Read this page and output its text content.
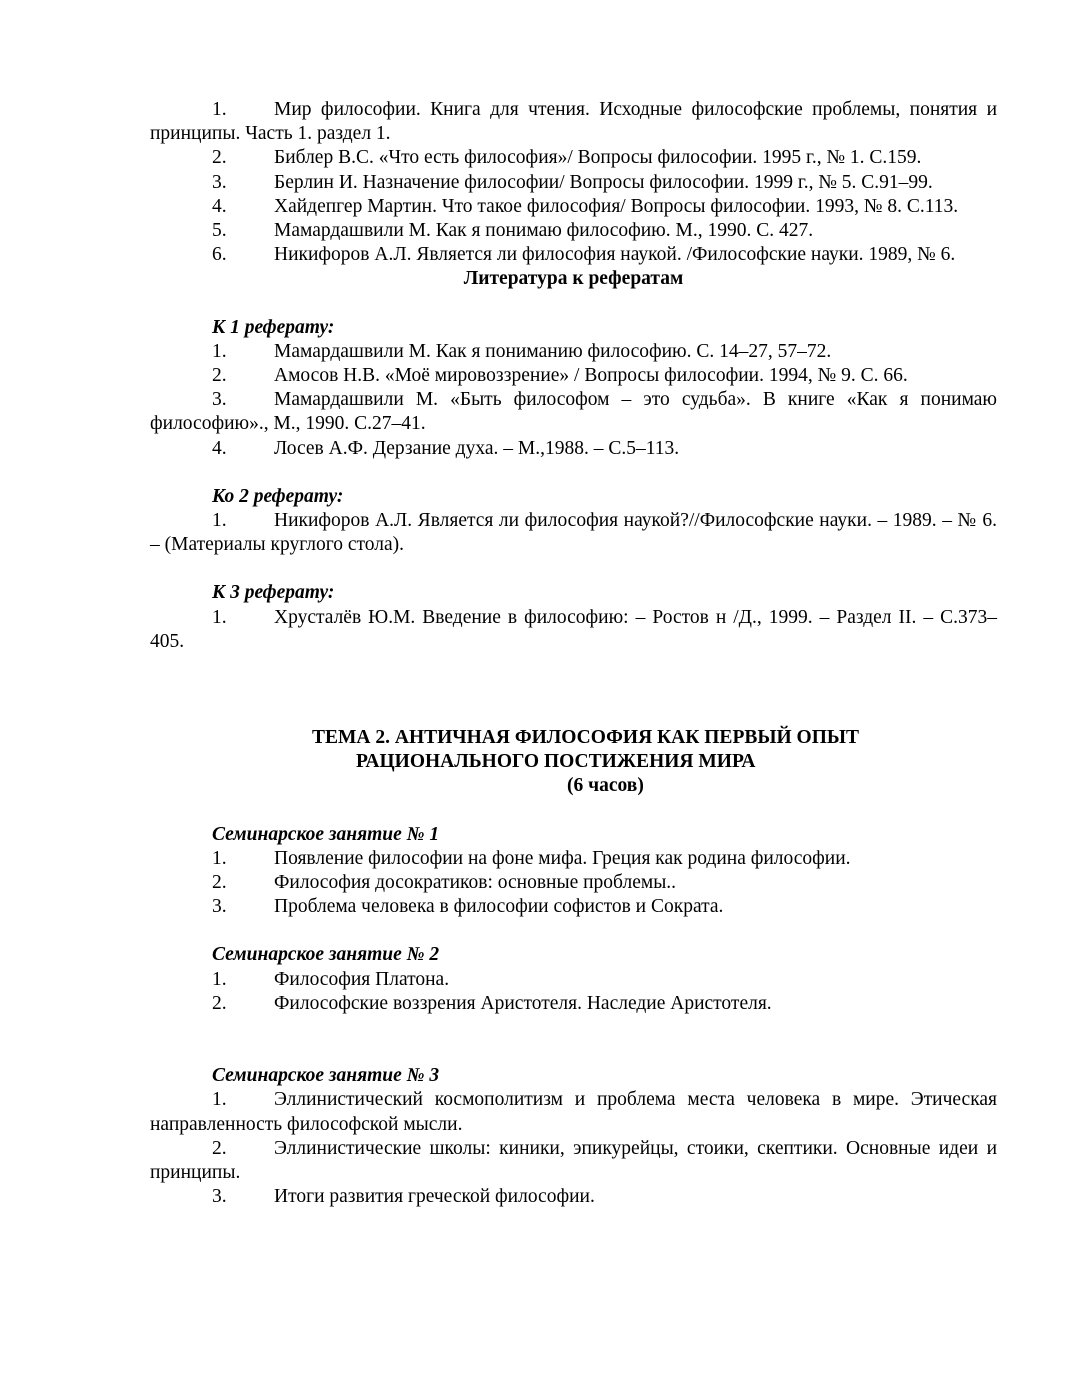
1. Мир философии. Книга для чтения. Исходные философские проблемы, понятия и принципы. Часть 1. раздел 1.

2. Библер В.С. «Что есть философия»/ Вопросы философии. 1995 г., № 1. С.159.

3. Берлин И. Назначение философии/ Вопросы философии. 1999 г., № 5. С.91–99.

4. Хайдепгер Мартин. Что такое философия/ Вопросы философии. 1993, № 8. С.113.

5. Мамардашвили М. Как я понимаю философию. М., 1990. С. 427.

6. Никифоров А.Л. Является ли философия наукой. /Философские науки. 1989, № 6.

Литература к рефератам

К 1 реферату:

1. Мамардашвили М. Как я пониманию философию. С. 14–27, 57–72.

2. Амосов Н.В. «Моё мировоззрение» / Вопросы философии. 1994, № 9. С. 66.

3. Мамардашвили М. «Быть философом – это судьба». В книге «Как я понимаю философию»., М., 1990. С.27–41.

4. Лосев А.Ф. Дерзание духа. – М.,1988. – С.5–113.

Ко 2 реферату:

1. Никифоров А.Л. Является ли философия наукой?//Философские науки. – 1989. – № 6. – (Материалы круглого стола).

К 3 реферату:

1. Хрусталёв Ю.М. Введение в философию: – Ростов н /Д., 1999. – Раздел II. – С.373–405.

ТЕМА 2. АНТИЧНАЯ ФИЛОСОФИЯ КАК ПЕРВЫЙ ОПЫТ
РАЦИОНАЛЬНОГО ПОСТИЖЕНИЯ МИРА
(6 часов)

Семинарское занятие № 1

1. Появление философии на фоне мифа. Греция как родина философии.

2. Философия досократиков: основные проблемы..

3. Проблема человека в философии софистов и Сократа.

Семинарское занятие № 2

1. Философия Платона.

2. Философские воззрения Аристотеля. Наследие Аристотеля.

Семинарское занятие № 3

1. Эллинистический космополитизм и проблема места человека в мире. Этическая направленность философской мысли.

2. Эллинистические школы: киники, эпикурейцы, стоики, скептики. Основные идеи и принципы.

3. Итоги развития греческой философии.
